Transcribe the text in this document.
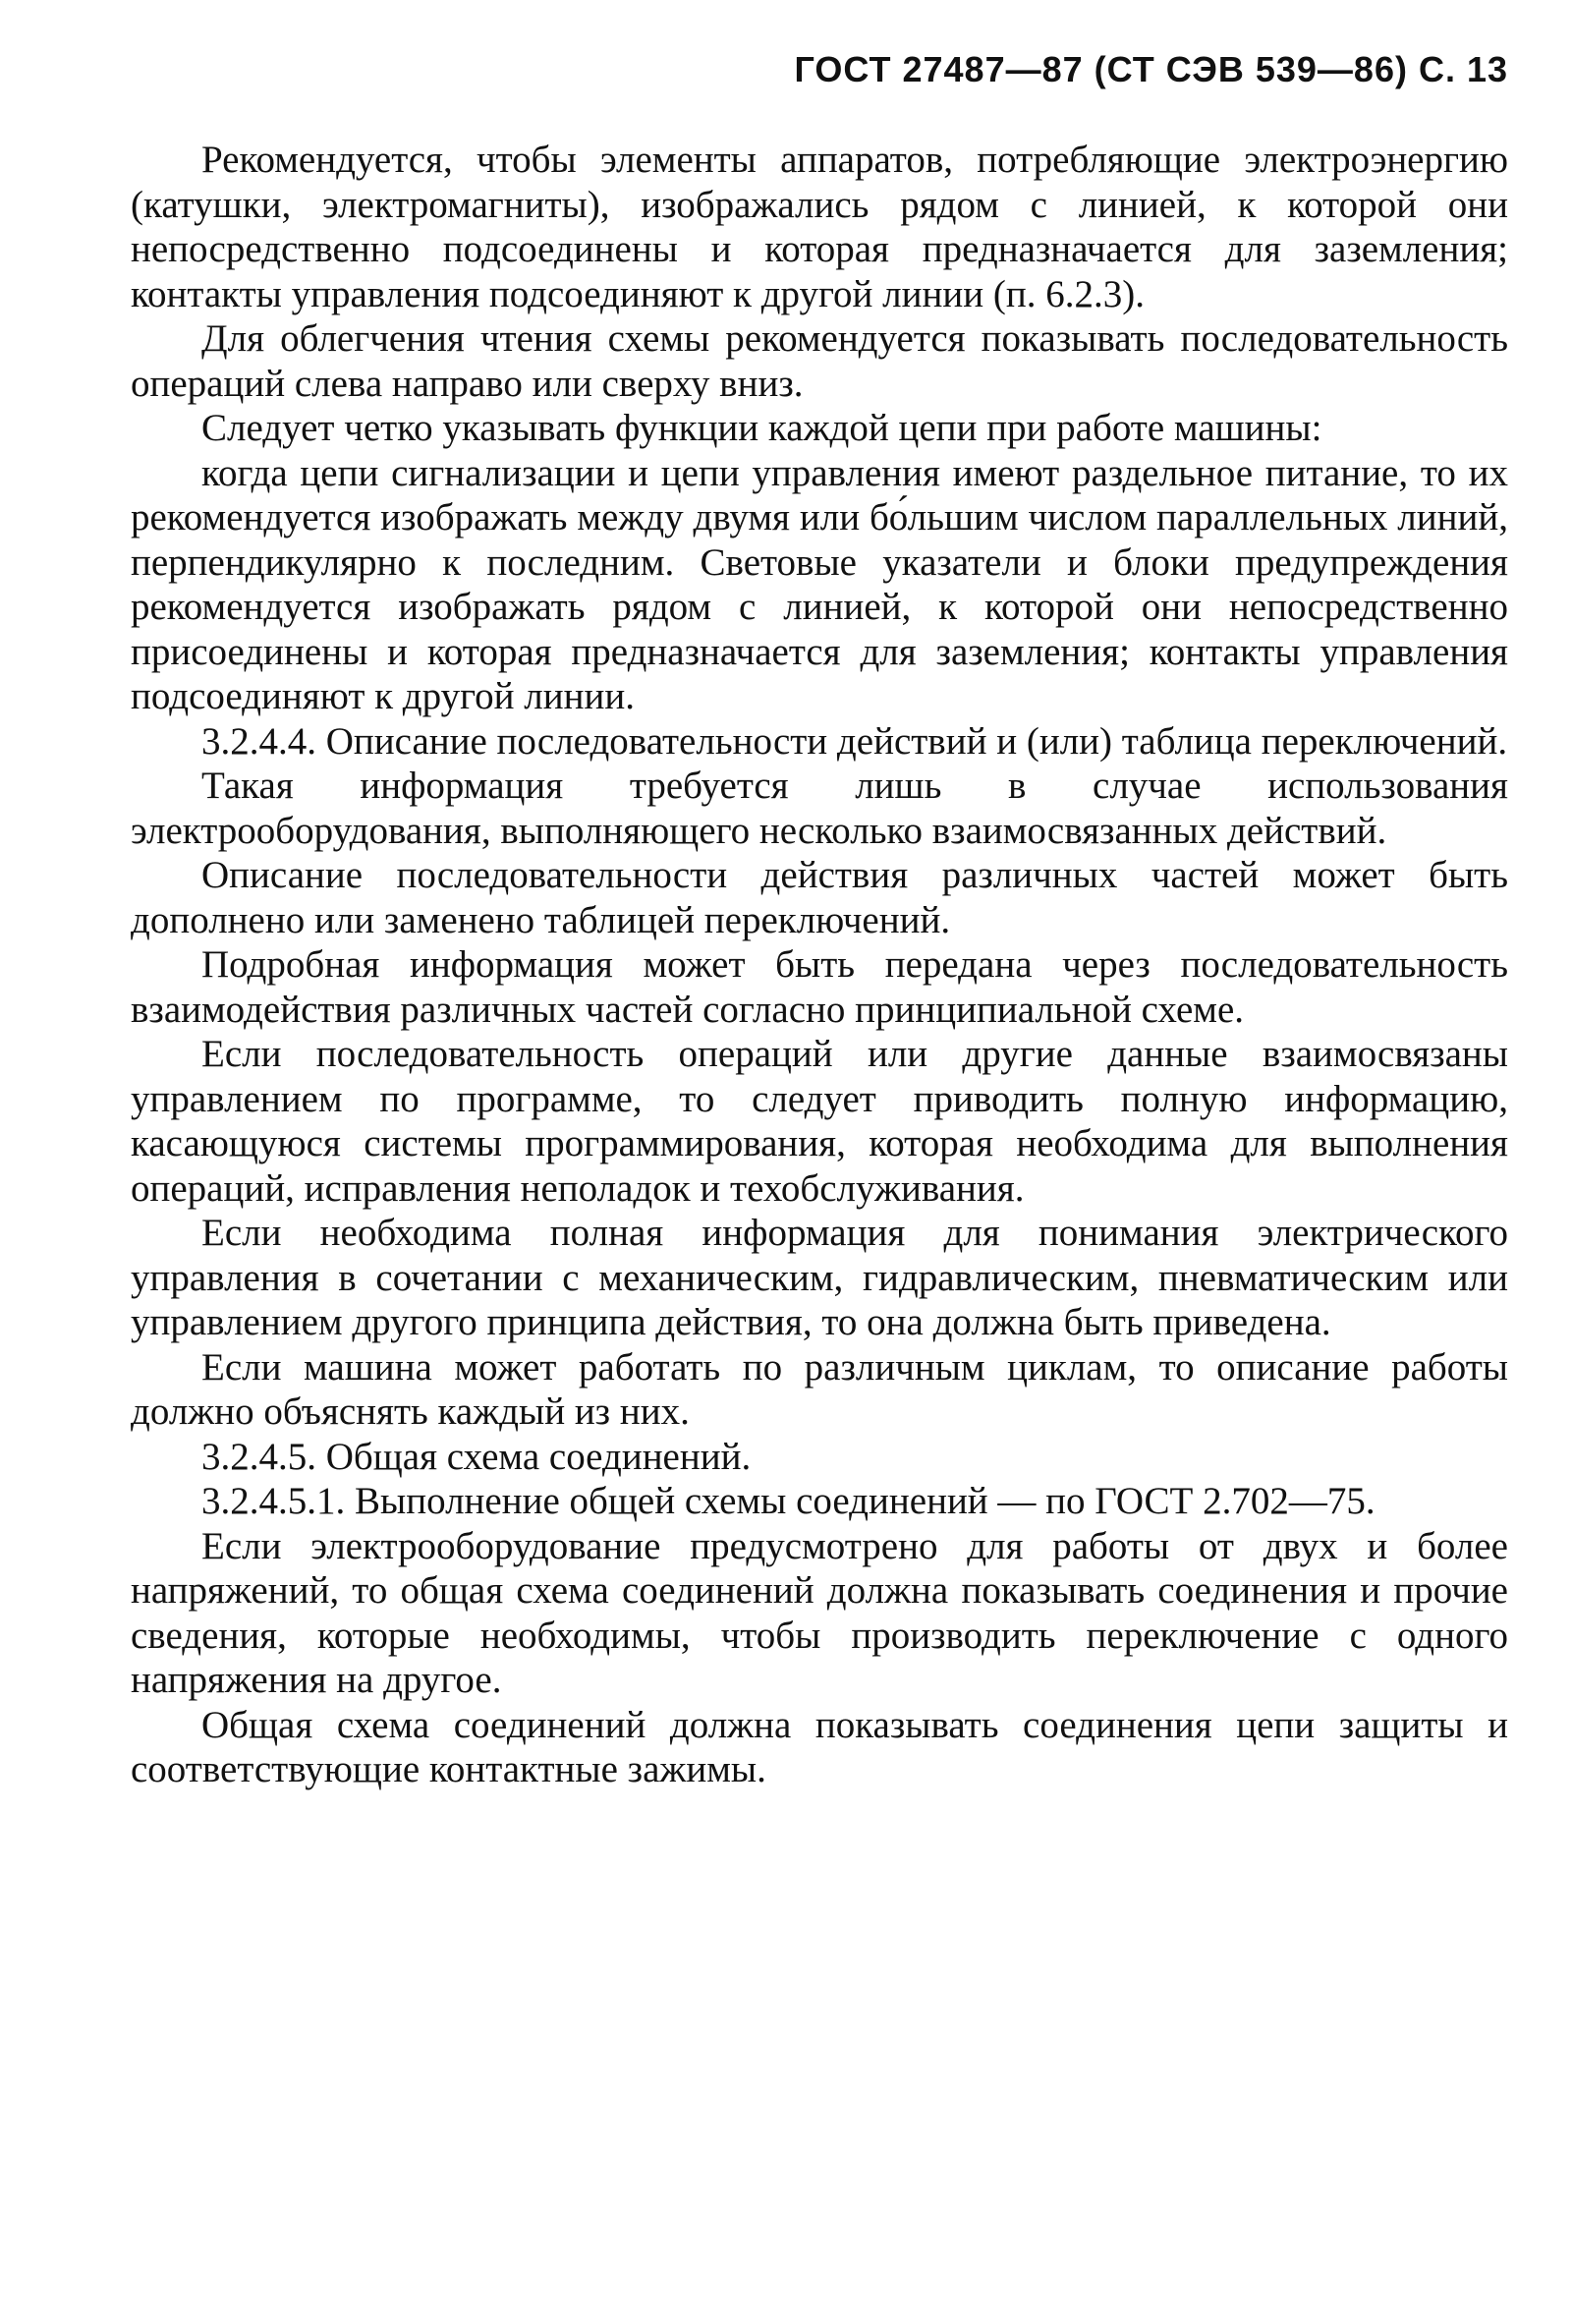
ГОСТ 27487—87 (СТ СЭВ 539—86) С. 13

Рекомендуется, чтобы элементы аппаратов, потребляющие электроэнергию (катушки, электромагниты), изображались рядом с линией, к которой они непосредственно подсоединены и которая предназначается для заземления; контакты управления подсоединяют к другой линии (п. 6.2.3).

Для облегчения чтения схемы рекомендуется показывать последовательность операций слева направо или сверху вниз.

Следует четко указывать функции каждой цепи при работе машины:

когда цепи сигнализации и цепи управления имеют раздельное питание, то их рекомендуется изображать между двумя или бо́льшим числом параллельных линий, перпендикулярно к последним. Световые указатели и блоки предупреждения рекомендуется изображать рядом с линией, к которой они непосредственно присоединены и которая предназначается для заземления; контакты управления подсоединяют к другой линии.

3.2.4.4. Описание последовательности действий и (или) таблица переключений.

Такая информация требуется лишь в случае использования электрооборудования, выполняющего несколько взаимосвязанных действий.

Описание последовательности действия различных частей может быть дополнено или заменено таблицей переключений.

Подробная информация может быть передана через последовательность взаимодействия различных частей согласно принципиальной схеме.

Если последовательность операций или другие данные взаимосвязаны управлением по программе, то следует приводить полную информацию, касающуюся системы программирования, которая необходима для выполнения операций, исправления неполадок и техобслуживания.

Если необходима полная информация для понимания электрического управления в сочетании с механическим, гидравлическим, пневматическим или управлением другого принципа действия, то она должна быть приведена.

Если машина может работать по различным циклам, то описание работы должно объяснять каждый из них.

3.2.4.5. Общая схема соединений.

3.2.4.5.1. Выполнение общей схемы соединений — по ГОСТ 2.702—75.

Если электрооборудование предусмотрено для работы от двух и более напряжений, то общая схема соединений должна показывать соединения и прочие сведения, которые необходимы, чтобы производить переключение с одного напряжения на другое.

Общая схема соединений должна показывать соединения цепи защиты и соответствующие контактные зажимы.
